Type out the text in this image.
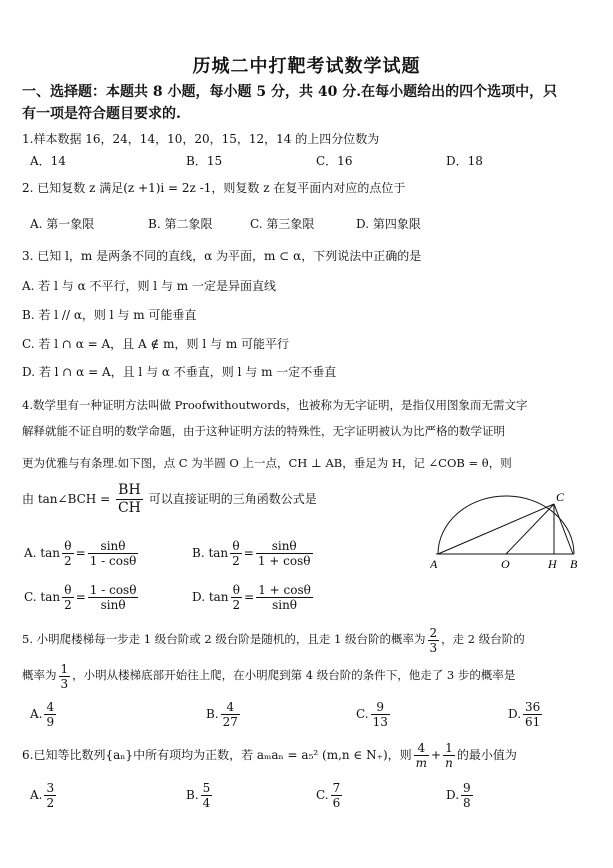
历城二中打靶考试数学试题
一、选择题：本题共 8 小题，每小题 5 分，共 40 分.在每小题给出的四个选项中，只
有一项是符合题目要求的.
1.样本数据 16，24，14，10，20，15，12，14 的上四分位数为
A．14	B．15	C．16	D．18
2. 已知复数 z 满足(z +1)i = 2z -1，则复数 z 在复平面内对应的点位于
A. 第一象限	B. 第二象限	C. 第三象限	D. 第四象限
3. 已知 l，m 是两条不同的直线，α 为平面，m ⊂ α，下列说法中正确的是
A. 若 l 与 α 不平行，则 l 与 m 一定是异面直线
B. 若 l // α，则 l 与 m 可能垂直
C. 若 l ∩ α = A，且 A ∉ m，则 l 与 m 可能平行
D. 若 l ∩ α = A，且 l 与 α 不垂直，则 l 与 m 一定不垂直
4.数学里有一种证明方法叫做 Proofwithoutwords，也被称为无字证明，是指仅用图象而无需文字
解释就能不证自明的数学命题，由于这种证明方法的特殊性，无字证明被认为比严格的数学证明
更为优雅与有条理.如下图，点 C 为半圆 O 上一点，CH ⊥ AB，垂足为 H，记 ∠COB = θ，则
由 tan∠BCH = $\frac{BH}{CH}$ 可以直接证明的三角函数公式是
A. $\tan \frac{\theta}{2} = \frac{\sin\theta}{1 - \cos\theta}$	B. $\tan \frac{\theta}{2} = \frac{\sin\theta}{1 + \cos\theta}$
C. $\tan \frac{\theta}{2} = \frac{1 - \cos\theta}{\sin\theta}$	D. $\tan \frac{\theta}{2} = \frac{1 + \cos\theta}{\sin\theta}$
A	O	H B
C
5. 小明爬楼梯每一步走 1 级台阶或 2 级台阶是随机的，且走 1 级台阶的概率为 $\frac{2}{3}$ ，走 2 级台阶的
概率为 $\frac{1}{3}$ ，小明从楼梯底部开始往上爬，在小明爬到第 4 级台阶的条件下，他走了 3 步的概率是
A. $\frac{4}{9}$	B. $\frac{4}{27}$	C. $\frac{9}{13}$	D. $\frac{36}{61}$
6.已知等比数列{aₙ}中所有项均为正数，若 aₘaₙ = a₅² (m,n ∈ N₊)，则 $\frac{4}{m} + \frac{1}{n}$ 的最小值为
A. $\frac{3}{2}$	B. $\frac{5}{4}$	C. $\frac{7}{6}$	D. $\frac{9}{8}$
